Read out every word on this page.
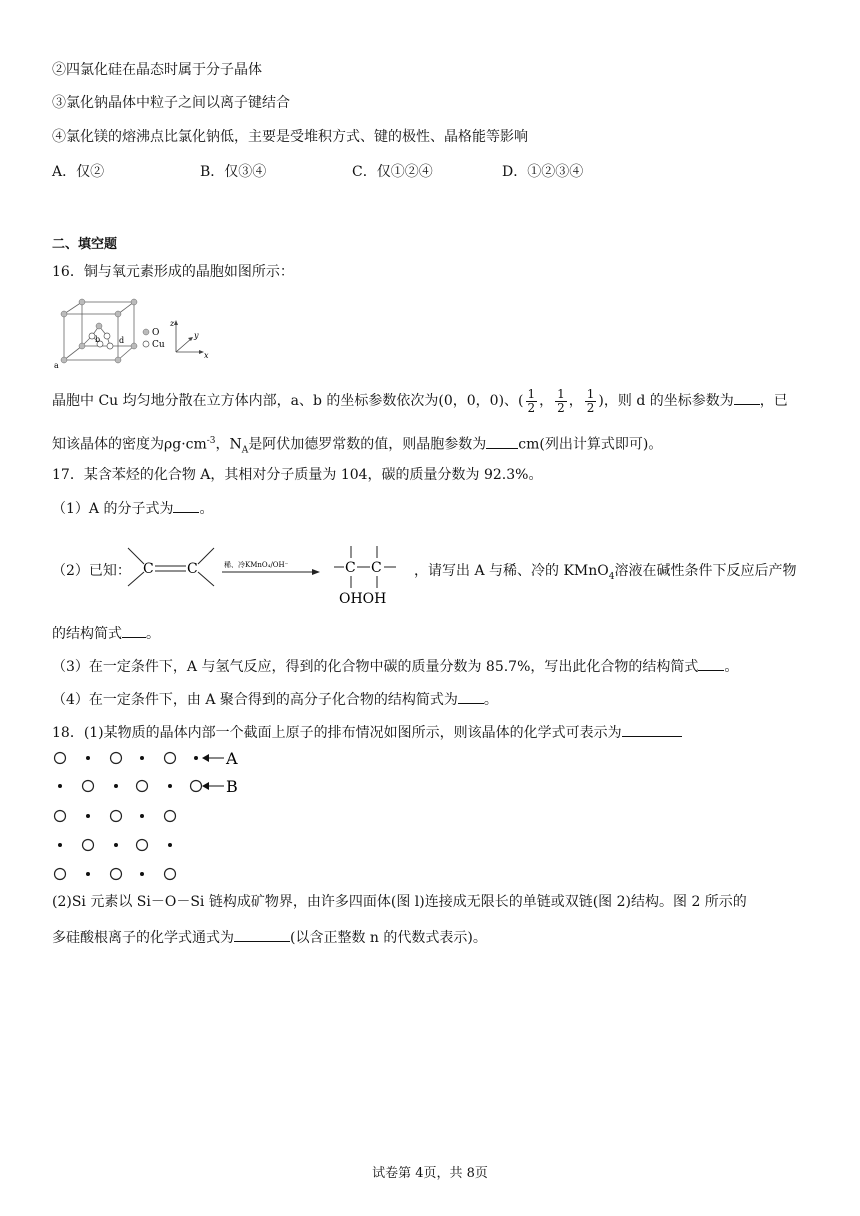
②四氯化硅在晶态时属于分子晶体
③氯化钠晶体中粒子之间以离子键结合
④氯化镁的熔沸点比氯化钠低，主要是受堆积方式、键的极性、晶格能等影响
A．仅②	B．仅③④	C．仅①②④	D．①②③④
二、填空题
16．铜与氧元素形成的晶胞如图所示：
b d
a
O
Cu
z
y
x
晶胞中 Cu 均匀地分散在立方体内部，a、b 的坐标参数依次为(0，0，0)、( $\frac{1}{2}$ ， $\frac{1}{2}$ ， $\frac{1}{2}$ )，则 d 的坐标参数为 ，已
知该晶体的密度为$\rho g\cdot cm^{-3}$，$N_A$是阿伏加德罗常数的值，则晶胞参数为 cm(列出计算式即可)。
17．某含苯烃的化合物 A，其相对分子质量为 104，碳的质量分数为 92.3%。
（1）A 的分子式为 。
（2）已知： C C	稀、冷KMnO₄/OH⁻	C C
OHOH
，请写出 A 与稀、冷的 KMnO$_4$溶液在碱性条件下反应后产物
的结构简式 。
（3）在一定条件下，A 与氢气反应，得到的化合物中碳的质量分数为 85.7%，写出此化合物的结构简式 。
（4）在一定条件下，由 A 聚合得到的高分子化合物的结构简式为 。
18．(1)某物质的晶体内部一个截面上原子的排布情况如图所示，则该晶体的化学式可表示为
A
B
(2)Si 元素以 Si－O－Si 链构成矿物界，由许多四面体(图 l)连接成无限长的单链或双链(图 2)结构。图 2 所示的
多硅酸根离子的化学式通式为	(以含正整数 n 的代数式表示)。
试卷第 4页，共 8页
